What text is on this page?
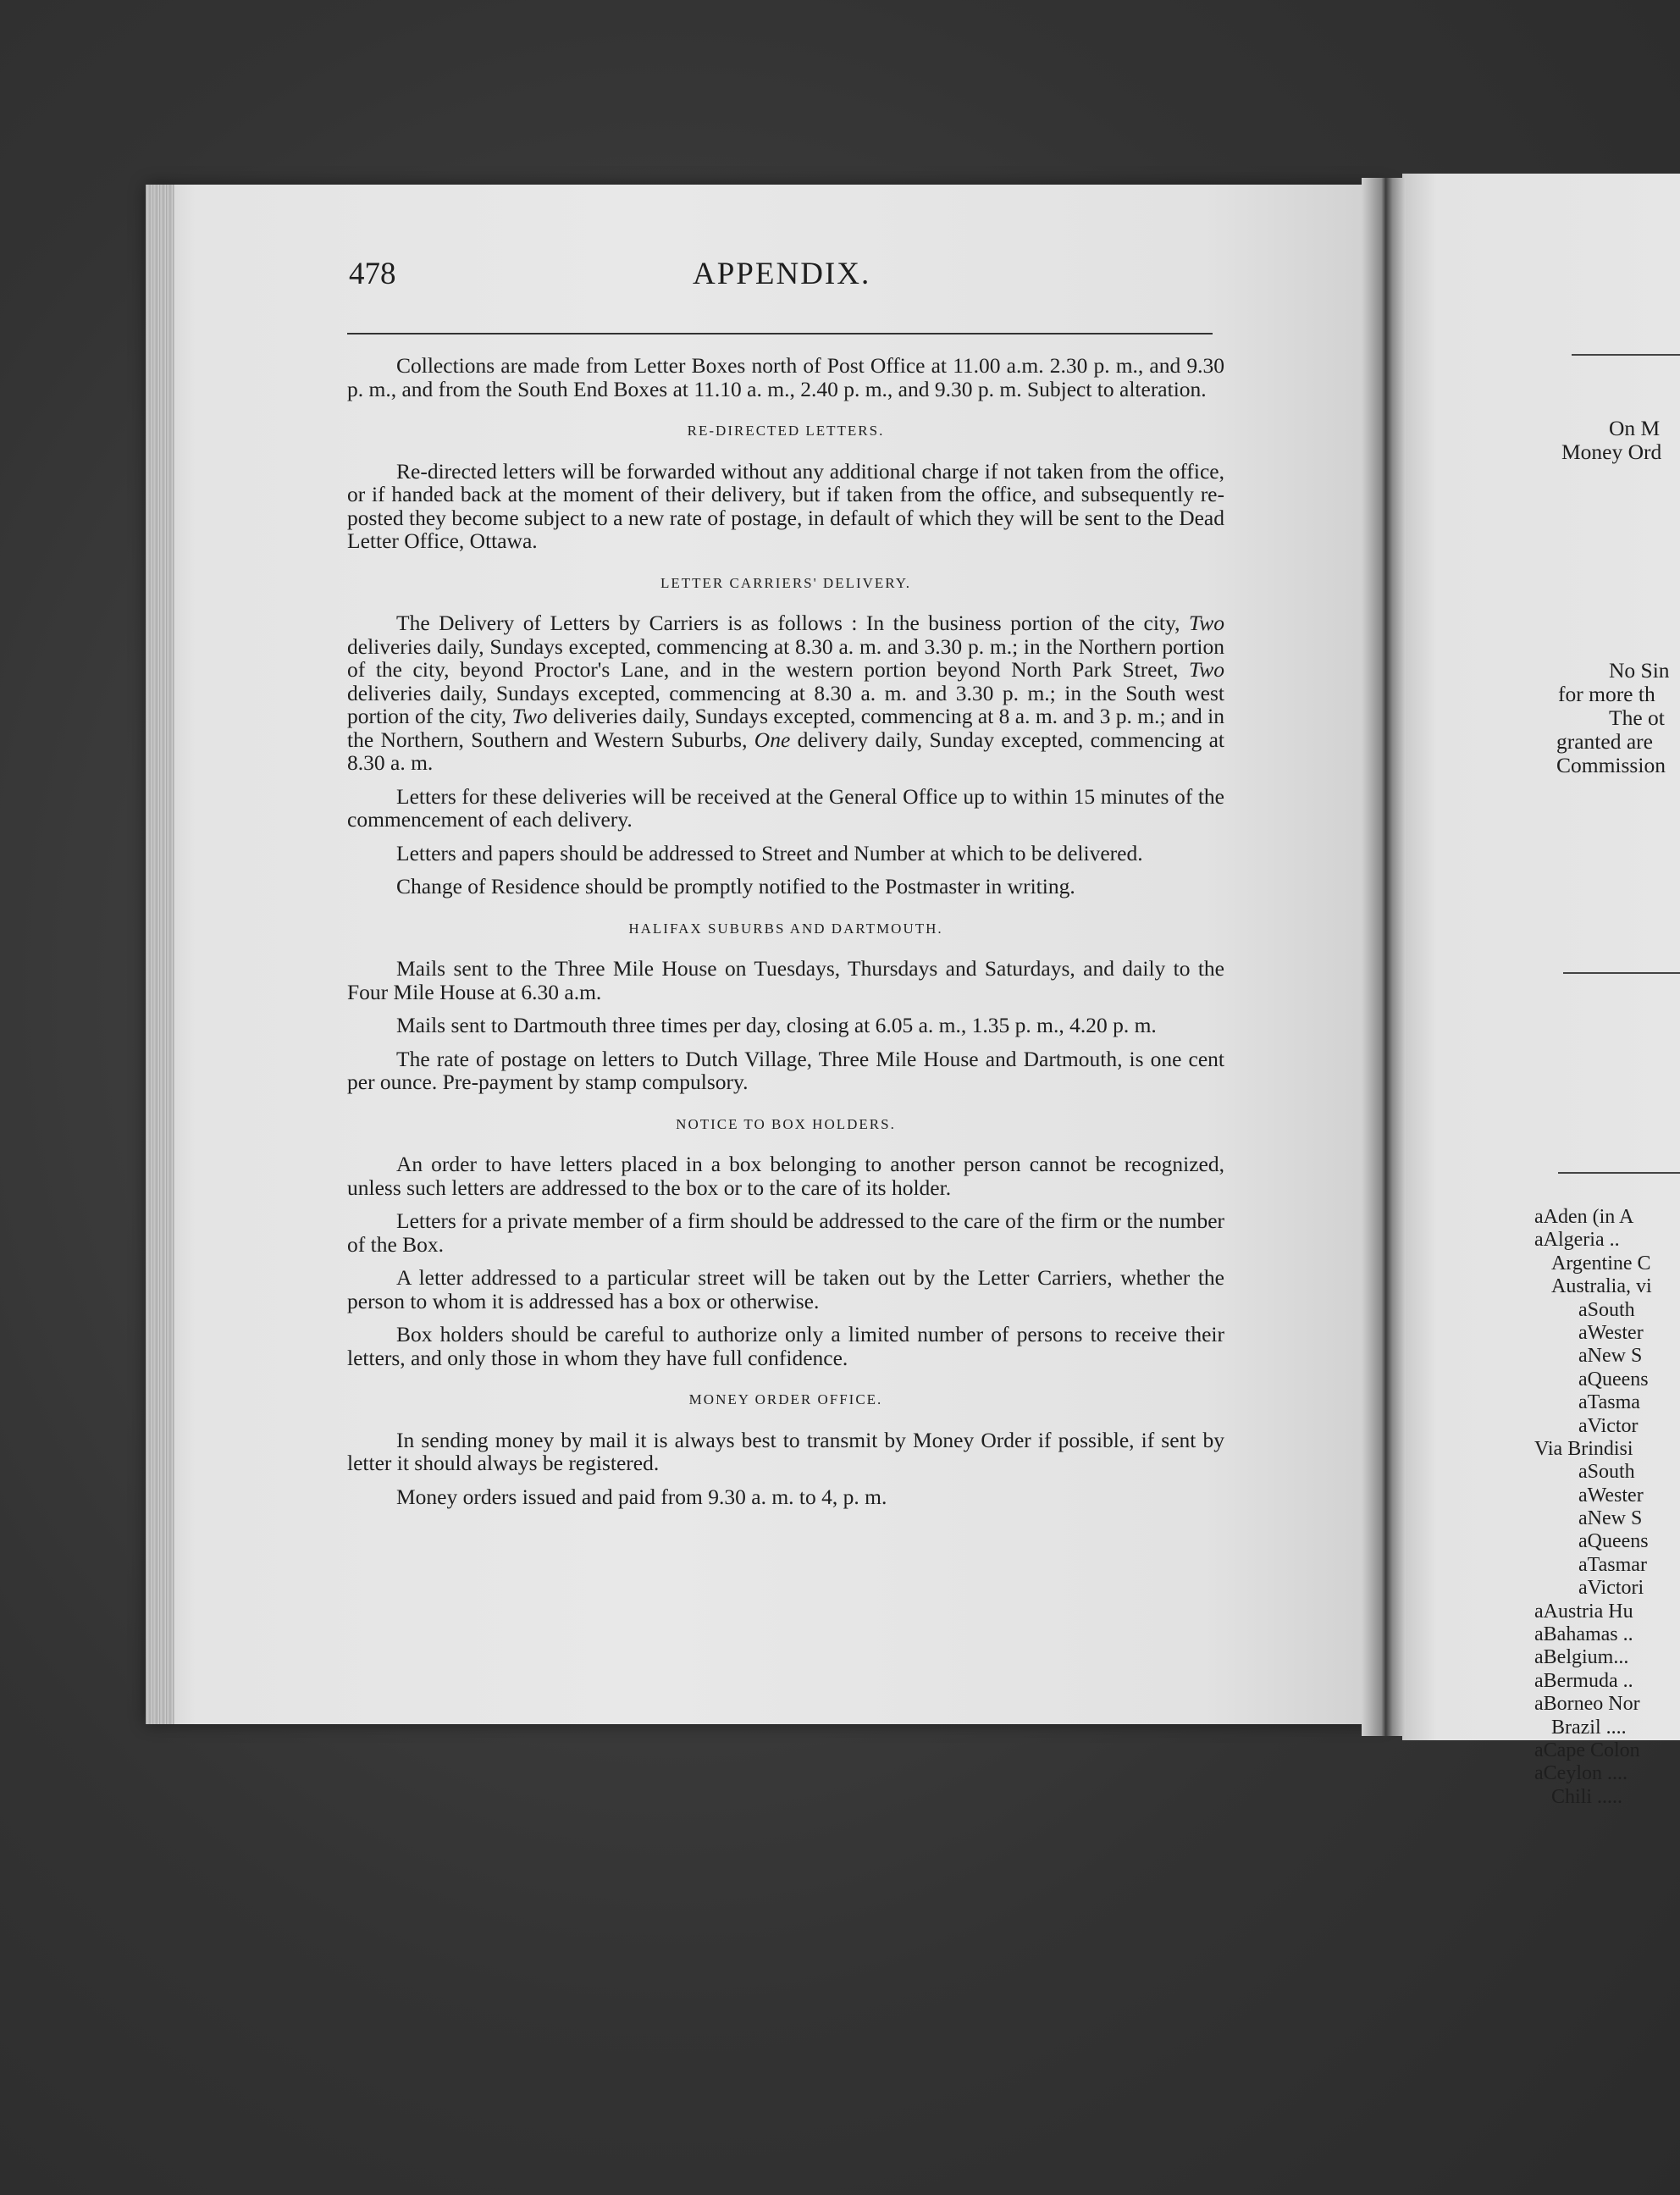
478	APPENDIX.

Collections are made from Letter Boxes north of Post Office at 11.00 a.m. 2.30 p. m., and 9.30 p. m., and from the South End Boxes at 11.10 a. m., 2.40 p. m., and 9.30 p. m. Subject to alteration.

RE-DIRECTED LETTERS.

Re-directed letters will be forwarded without any additional charge if not taken from the office, or if handed back at the moment of their delivery, but if taken from the office, and subsequently re-posted they become subject to a new rate of postage, in default of which they will be sent to the Dead Letter Office, Ottawa.

LETTER CARRIERS' DELIVERY.

The Delivery of Letters by Carriers is as follows : In the business portion of the city, Two deliveries daily, Sundays excepted, commencing at 8.30 a. m. and 3.30 p. m.; in the Northern portion of the city, beyond Proctor's Lane, and in the western portion beyond North Park Street, Two deliveries daily, Sundays excepted, commencing at 8.30 a. m. and 3.30 p. m.; in the South west portion of the city, Two deliveries daily, Sundays excepted, commencing at 8 a. m. and 3 p. m.; and in the Northern, Southern and Western Suburbs, One delivery daily, Sunday excepted, commencing at 8.30 a. m.

Letters for these deliveries will be received at the General Office up to within 15 minutes of the commencement of each delivery.

Letters and papers should be addressed to Street and Number at which to be delivered.

Change of Residence should be promptly notified to the Postmaster in writing.

HALIFAX SUBURBS AND DARTMOUTH.

Mails sent to the Three Mile House on Tuesdays, Thursdays and Saturdays, and daily to the Four Mile House at 6.30 a.m.

Mails sent to Dartmouth three times per day, closing at 6.05 a. m., 1.35 p. m., 4.20 p. m.

The rate of postage on letters to Dutch Village, Three Mile House and Dartmouth, is one cent per ounce. Pre-payment by stamp compulsory.

NOTICE TO BOX HOLDERS.

An order to have letters placed in a box belonging to another person cannot be recognized, unless such letters are addressed to the box or to the care of its holder.

Letters for a private member of a firm should be addressed to the care of the firm or the number of the Box.

A letter addressed to a particular street will be taken out by the Letter Carriers, whether the person to whom it is addressed has a box or otherwise.

Box holders should be careful to authorize only a limited number of persons to receive their letters, and only those in whom they have full confidence.

MONEY ORDER OFFICE.

In sending money by mail it is always best to transmit by Money Order if possible, if sent by letter it should always be registered.

Money orders issued and paid from 9.30 a. m. to 4, p. m.

On M
Money Ord
No Sin
for more th
The ot
granted are
Commission
aAden (in A
aAlgeria ..
Argentine C
Australia, vi
aSouth
aWester
aNew S
aQueens
aTasma
aVictor
Via Brindisi
aSouth
aWester
aNew S
aQueens
aTasmar
aVictori
aAustria Hu
aBahamas ..
aBelgium...
aBermuda ..
aBorneo Nor
Brazil ....
aCape Colon
aCeylon ....
Chili .....
